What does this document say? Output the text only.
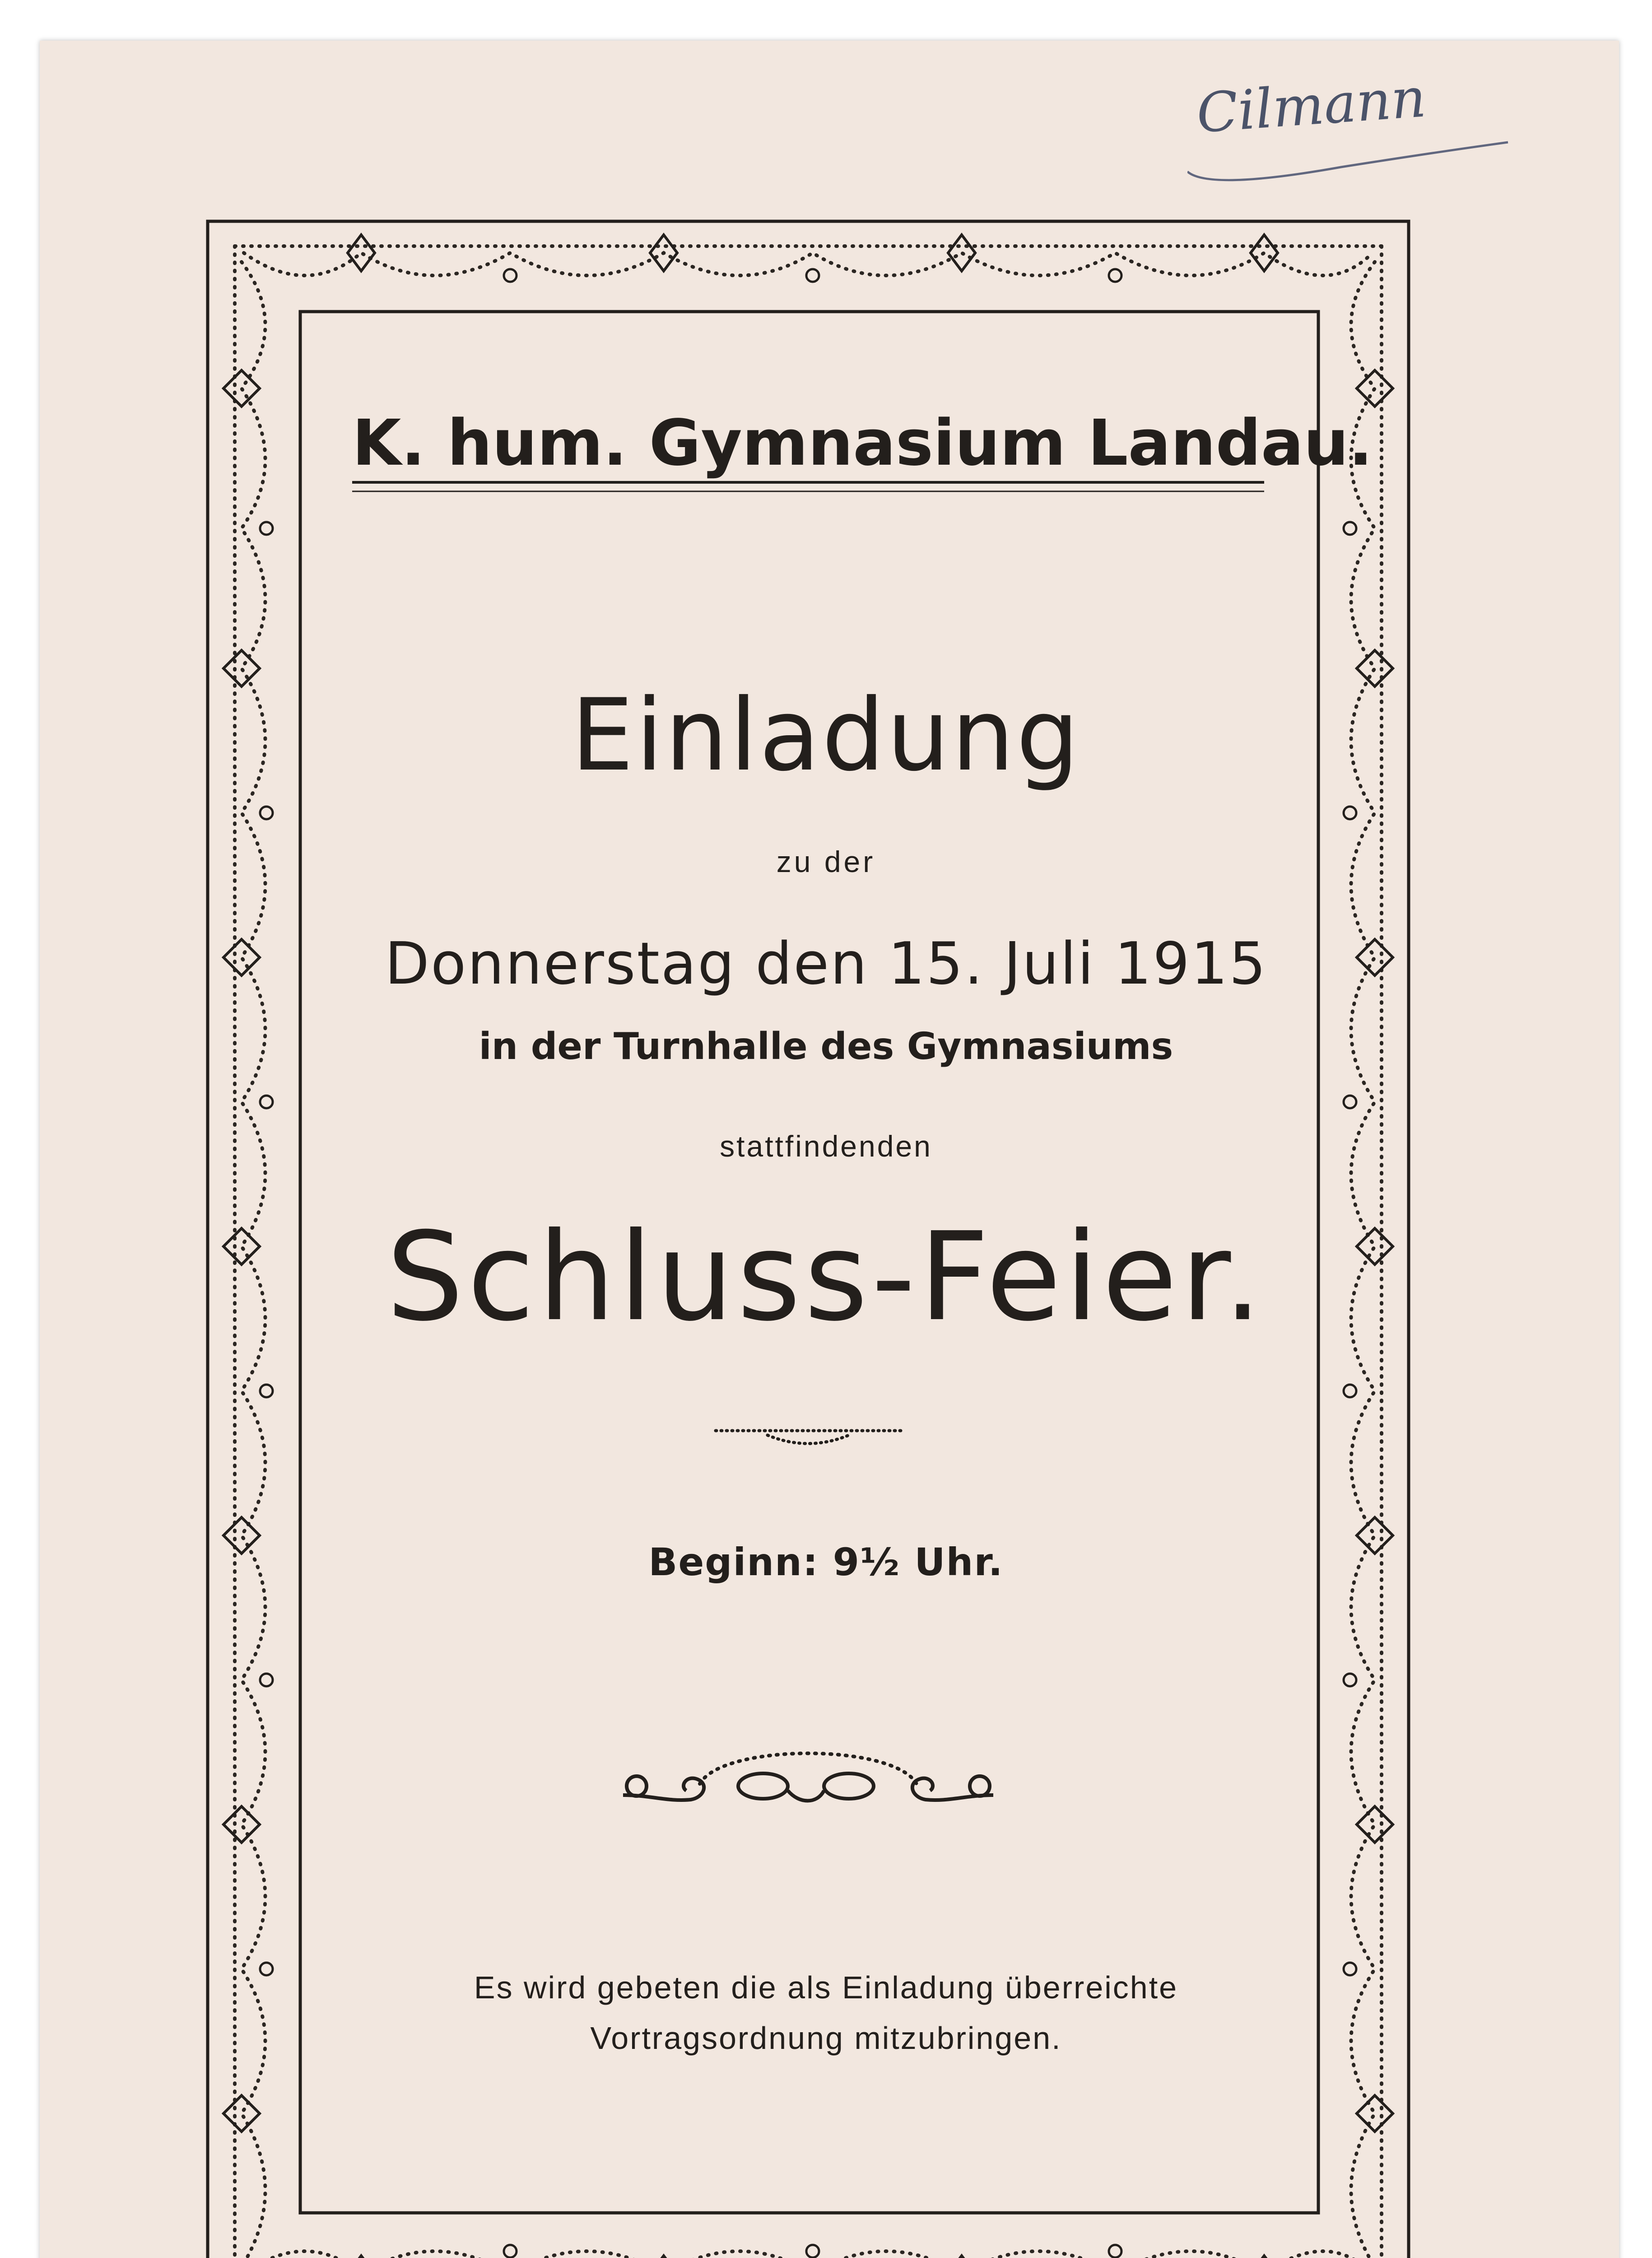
Cilmann
K. hum. Gymnasium Landau.
Einladung
zu der
Donnerstag den 15. Juli 1915
in der Turnhalle des Gymnasiums
stattfindenden
Schluss-Feier.
Beginn: 9½ Uhr.
Es wird gebeten die als Einladung überreichte
Vortragsordnung mitzubringen.
